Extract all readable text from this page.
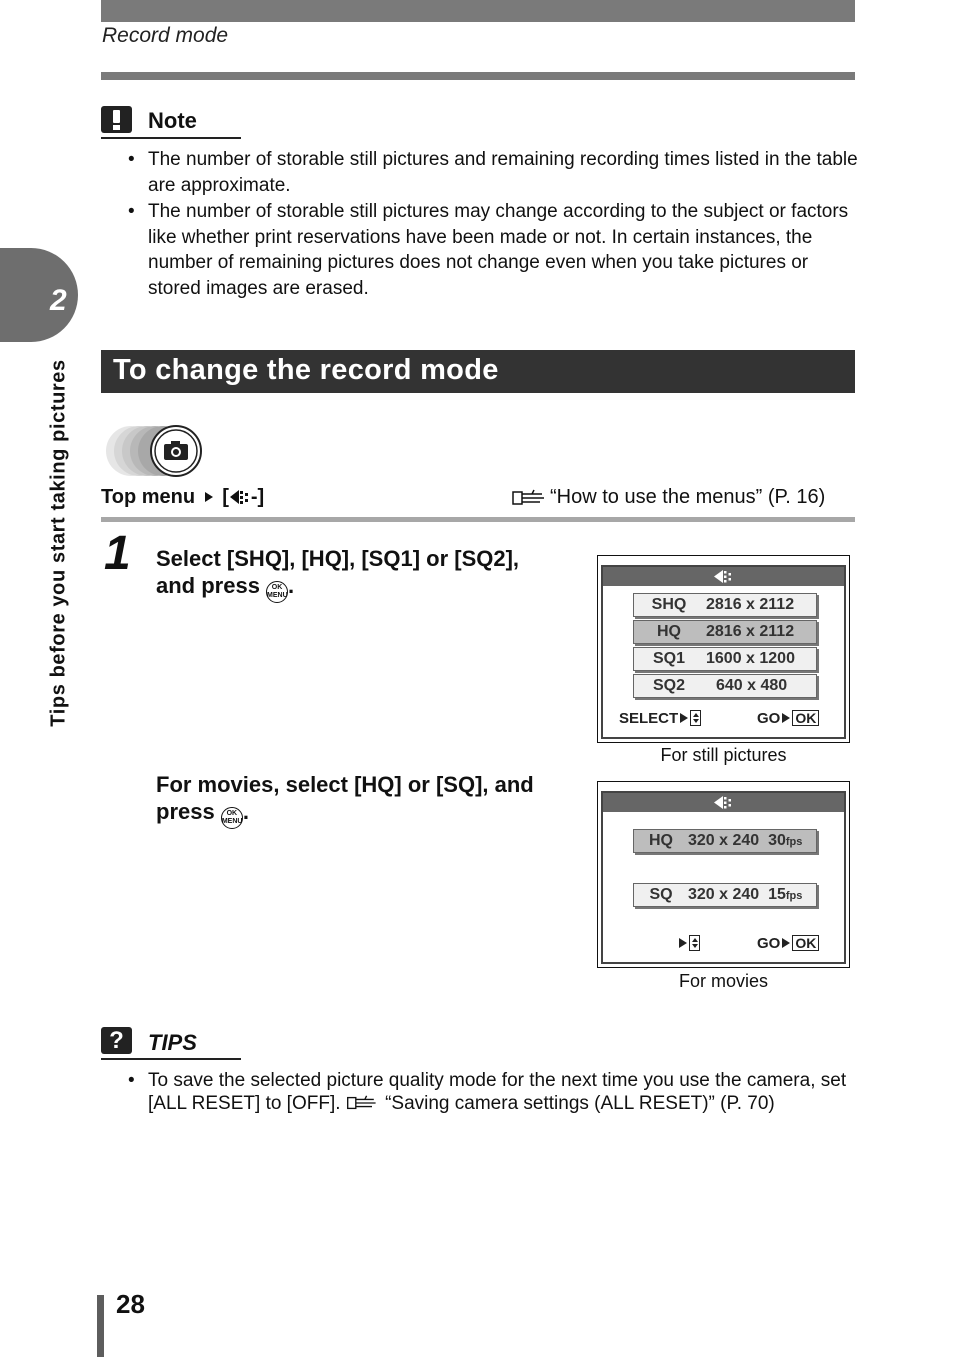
Record mode
2
Tips before you start taking pictures
Note
• The number of storable still pictures and remaining recording times listed in the table are approximate.
• The number of storable still pictures may change according to the subject or factors like whether print reservations have been made or not. In certain instances, the number of remaining pictures does not change even when you take pictures or stored images are erased.
To change the record mode
Top menu [ -]	“How to use the menus” (P. 16)
1 Select [SHQ], [HQ], [SQ1] or [SQ2], and press OK
MENU.
For movies, select [HQ] or [SQ], and press OK
MENU.
SHQ	2816 x 2112
HQ	2816 x 2112
SQ1	1600 x 1200
SQ2	640 x 480
SELECT	GO OK
For still pictures
HQ 320 x 240 30fps
SQ 320 x 240 15fps
GO OK
For movies
?	TIPS
• To save the selected picture quality mode for the next time you use the camera, set [ALL RESET] to [OFF].  “Saving camera settings (ALL RESET)” (P. 70)
28
